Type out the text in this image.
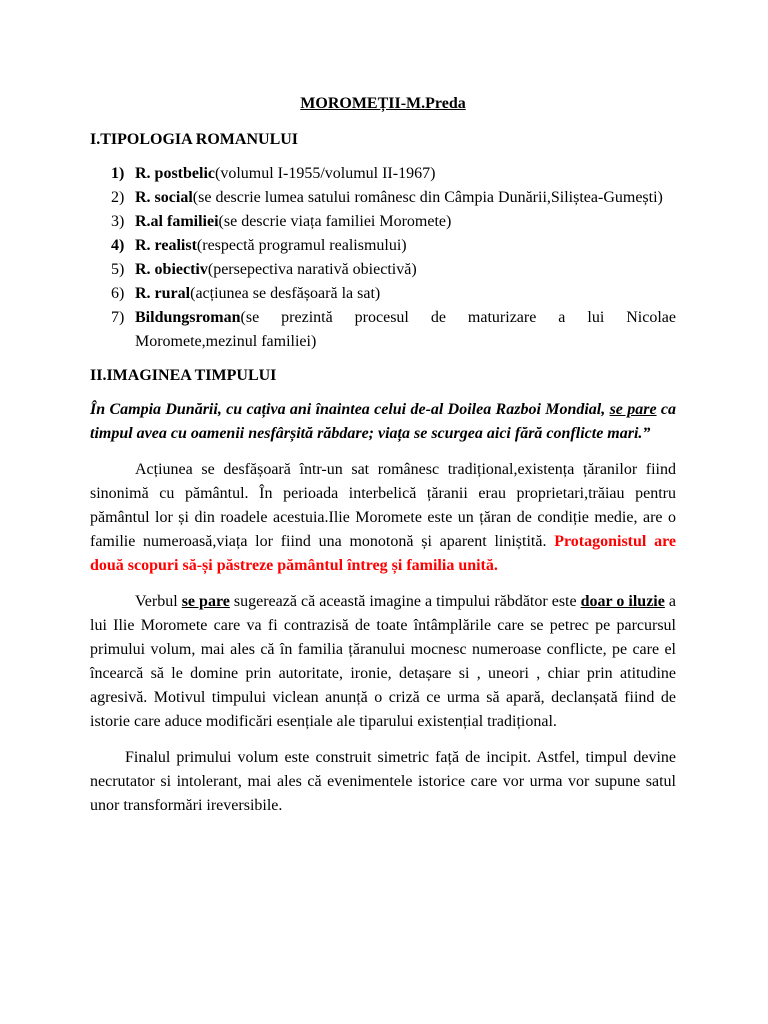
MOROMEȚII-M.Preda
I.TIPOLOGIA ROMANULUI
1) R. postbelic(volumul I-1955/volumul II-1967)
2) R. social(se descrie lumea satului românesc din Câmpia Dunării,Siliștea-Gumești)
3) R.al familiei(se descrie viața familiei Moromete)
4) R. realist(respectă programul realismului)
5) R. obiectiv(persepectiva narativă obiectivă)
6) R. rural(acțiunea se desfășoară la sat)
7) Bildungsroman(se prezintă procesul de maturizare a lui Nicolae Moromete,mezinul familiei)
II.IMAGINEA TIMPULUI
În Campia Dunării, cu cațiva ani înaintea celui de-al Doilea Razboi Mondial, se pare ca timpul avea cu oamenii nesfârșită răbdare; viața se scurgea aici fără conflicte mari.”

Acțiunea se desfășoară într-un sat românesc tradițional,existența țăranilor fiind sinonimă cu pământul. În perioada interbelică țăranii erau proprietari,trăiau pentru pământul lor și din roadele acestuia.Ilie Moromete este un țăran de condiție medie, are o familie numeroasă,viața lor fiind una monotonă și aparent liniștită. Protagonistul are două scopuri să-și păstreze pământul întreg și familia unită.

Verbul se pare sugerează că această imagine a timpului răbdător este doar o iluzie a lui Ilie Moromete care va fi contrazisă de toate întâmplările care se petrec pe parcursul primului volum, mai ales că în familia țăranului mocnesc numeroase conflicte, pe care el încearcă să le domine prin autoritate, ironie, detașare si , uneori , chiar prin atitudine agresivă. Motivul timpului viclean anunță o criză ce urma să apară, declanșată fiind de istorie care aduce modificări esențiale ale tiparului existențial tradițional.

Finalul primului volum este construit simetric față de incipit. Astfel, timpul devine necrutator si intolerant, mai ales că evenimentele istorice care vor urma vor supune satul unor transformări ireversibile.
